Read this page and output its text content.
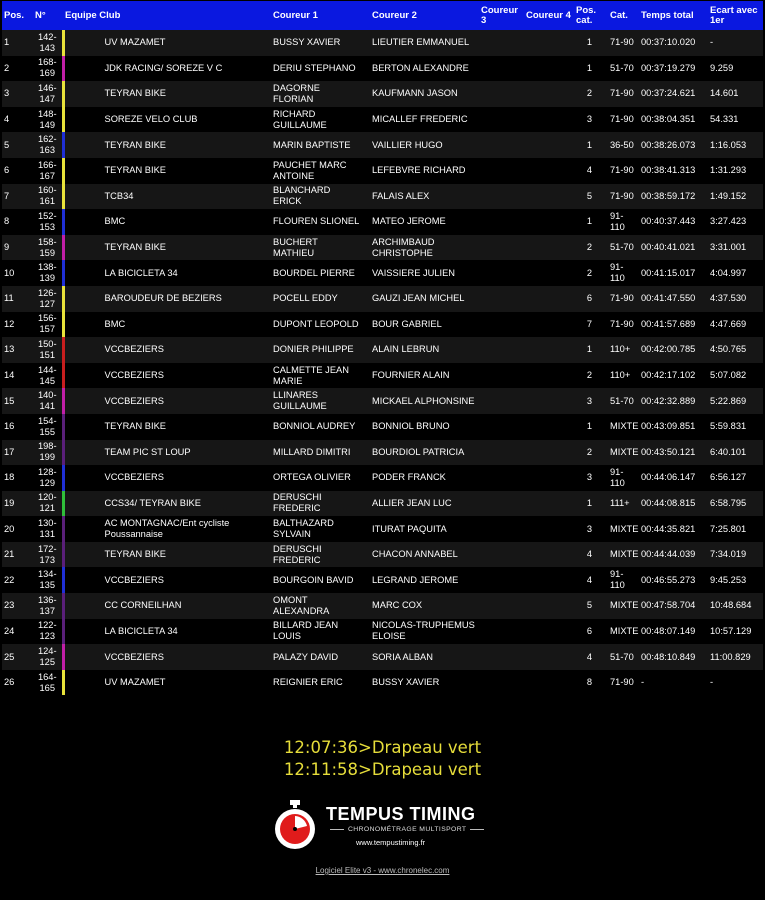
Pos.	N°	Equipe Club	Coureur 1	Coureur 2	Coureur 3	Coureur 4	Pos. cat.	Cat.	Temps total	Ecart avec 1er
1	142-143	UV MAZAMET	BUSSY XAVIER	LIEUTIER EMMANUEL			1	71-90	00:37:10.020	-
2	168-169	JDK RACING/ SOREZE V C	DERIU STEPHANO	BERTON ALEXANDRE			1	51-70	00:37:19.279	9.259
3	146-147	TEYRAN BIKE	DAGORNE FLORIAN	KAUFMANN JASON			2	71-90	00:37:24.621	14.601
4	148-149	SOREZE VELO CLUB	RICHARD GUILLAUME	MICALLEF FREDERIC			3	71-90	00:38:04.351	54.331
5	162-163	TEYRAN BIKE	MARIN BAPTISTE	VAILLIER HUGO			1	36-50	00:38:26.073	1:16.053
6	166-167	TEYRAN BIKE	PAUCHET MARC ANTOINE	LEFEBVRE RICHARD			4	71-90	00:38:41.313	1:31.293
7	160-161	TCB34	BLANCHARD ERICK	FALAIS ALEX			5	71-90	00:38:59.172	1:49.152
8	152-153	BMC	FLOUREN SLIONEL	MATEO JEROME			1	91-110	00:40:37.443	3:27.423
9	158-159	TEYRAN BIKE	BUCHERT MATHIEU	ARCHIMBAUD CHRISTOPHE			2	51-70	00:40:41.021	3:31.001
10	138-139	LA BICICLETA 34	BOURDEL PIERRE	VAISSIERE JULIEN			2	91-110	00:41:15.017	4:04.997
11	126-127	BAROUDEUR DE BEZIERS	POCELL EDDY	GAUZI JEAN MICHEL			6	71-90	00:41:47.550	4:37.530
12	156-157	BMC	DUPONT LEOPOLD	BOUR GABRIEL			7	71-90	00:41:57.689	4:47.669
13	150-151	VCCBEZIERS	DONIER PHILIPPE	ALAIN LEBRUN			1	110+	00:42:00.785	4:50.765
14	144-145	VCCBEZIERS	CALMETTE JEAN MARIE	FOURNIER ALAIN			2	110+	00:42:17.102	5:07.082
15	140-141	VCCBEZIERS	LLINARES GUILLAUME	MICKAEL ALPHONSINE			3	51-70	00:42:32.889	5:22.869
16	154-155	TEYRAN BIKE	BONNIOL AUDREY	BONNIOL BRUNO			1	MIXTE	00:43:09.851	5:59.831
17	198-199	TEAM PIC ST LOUP	MILLARD DIMITRI	BOURDIOL PATRICIA			2	MIXTE	00:43:50.121	6:40.101
18	128-129	VCCBEZIERS	ORTEGA OLIVIER	PODER FRANCK			3	91-110	00:44:06.147	6:56.127
19	120-121	CCS34/ TEYRAN BIKE	DERUSCHI FREDERIC	ALLIER JEAN LUC			1	111+	00:44:08.815	6:58.795
20	130-131	AC MONTAGNAC/Ent cycliste Poussannaise	BALTHAZARD SYLVAIN	ITURAT PAQUITA			3	MIXTE	00:44:35.821	7:25.801
21	172-173	TEYRAN BIKE	DERUSCHI FREDERIC	CHACON ANNABEL			4	MIXTE	00:44:44.039	7:34.019
22	134-135	VCCBEZIERS	BOURGOIN BAVID	LEGRAND JEROME			4	91-110	00:46:55.273	9:45.253
23	136-137	CC CORNEILHAN	OMONT ALEXANDRA	MARC COX			5	MIXTE	00:47:58.704	10:48.684
24	122-123	LA BICICLETA 34	BILLARD JEAN LOUIS	NICOLAS-TRUPHEMUS ELOISE			6	MIXTE	00:48:07.149	10:57.129
25	124-125	VCCBEZIERS	PALAZY DAVID	SORIA ALBAN			4	51-70	00:48:10.849	11:00.829
26	164-165	UV MAZAMET	REIGNIER ERIC	BUSSY XAVIER			8	71-90	-	-
12:07:36>Drapeau vert
12:11:58>Drapeau vert
TEMPUS TIMING
CHRONOMÉTRAGE MULTISPORT
www.tempustiming.fr
Logiciel Elite v3 - www.chronelec.com
